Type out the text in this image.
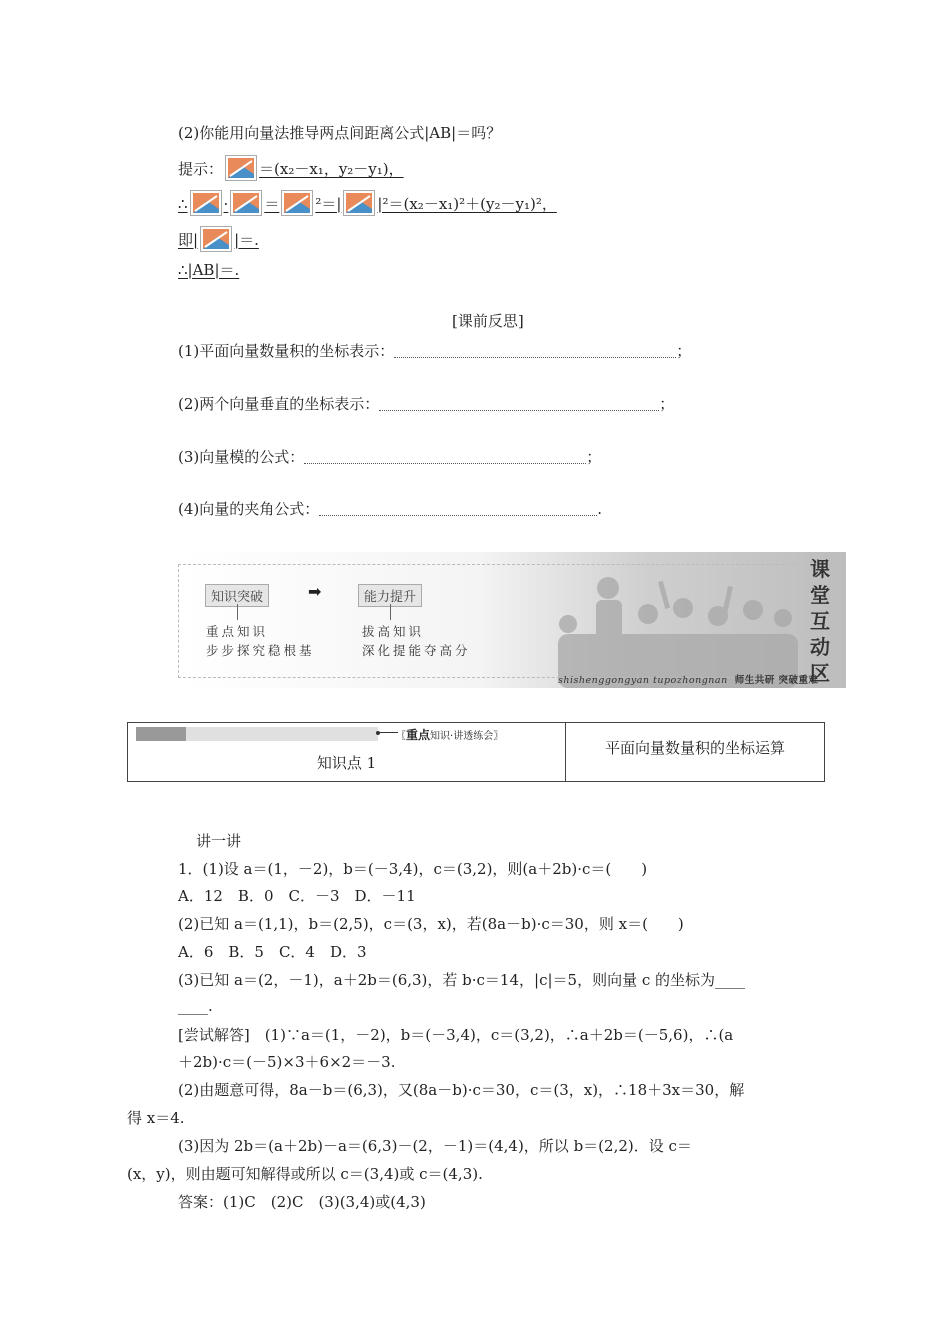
(2)你能用向量法推导两点间距离公式|AB|＝吗？
提示： ＝(x₂－x₁，y₂－y₁)，
∴ · ＝ ²＝| |²＝(x₂－x₁)²＋(y₂－y₁)²，
即| |＝.
∴|AB|＝.
[课前反思]
(1)平面向量数量积的坐标表示：	；
(2)两个向量垂直的坐标表示：	；
(3)向量模的公式：	；
(4)向量的夹角公式：	.
知识突破	➡	能力提升
重点知识
步步探究稳根基
拔高知识
深化提能夺高分
课堂互动区
shishenggongyan tupozhongnan 师生共研 突破重难
〖重点知识·讲透练会〗
知识点 1
平面向量数量积的坐标运算
讲一讲
1．(1)设 a＝(1，－2)，b＝(－3,4)，c＝(3,2)，则(a＋2b)·c＝(　　)
A．12　B．0　C．－3　D．－11
(2)已知 a＝(1,1)，b＝(2,5)，c＝(3，x)，若(8a－b)·c＝30，则 x＝(　　)
A．6　B．5　C．4　D．3
(3)已知 a＝(2，－1)，a＋2b＝(6,3)，若 b·c＝14，|c|＝5，则向量 c 的坐标为____
____.
[尝试解答]　(1)∵a＝(1，－2)，b＝(－3,4)，c＝(3,2)，∴a＋2b＝(－5,6)，∴(a
＋2b)·c＝(－5)×3＋6×2＝－3.
(2)由题意可得，8a－b＝(6,3)，又(8a－b)·c＝30，c＝(3，x)，∴18＋3x＝30，解
得 x＝4.
(3)因为 2b＝(a＋2b)－a＝(6,3)－(2，－1)＝(4,4)，所以 b＝(2,2)．设 c＝
(x，y)，则由题可知解得或所以 c＝(3,4)或 c＝(4,3).
答案：(1)C　(2)C　(3)(3,4)或(4,3)
